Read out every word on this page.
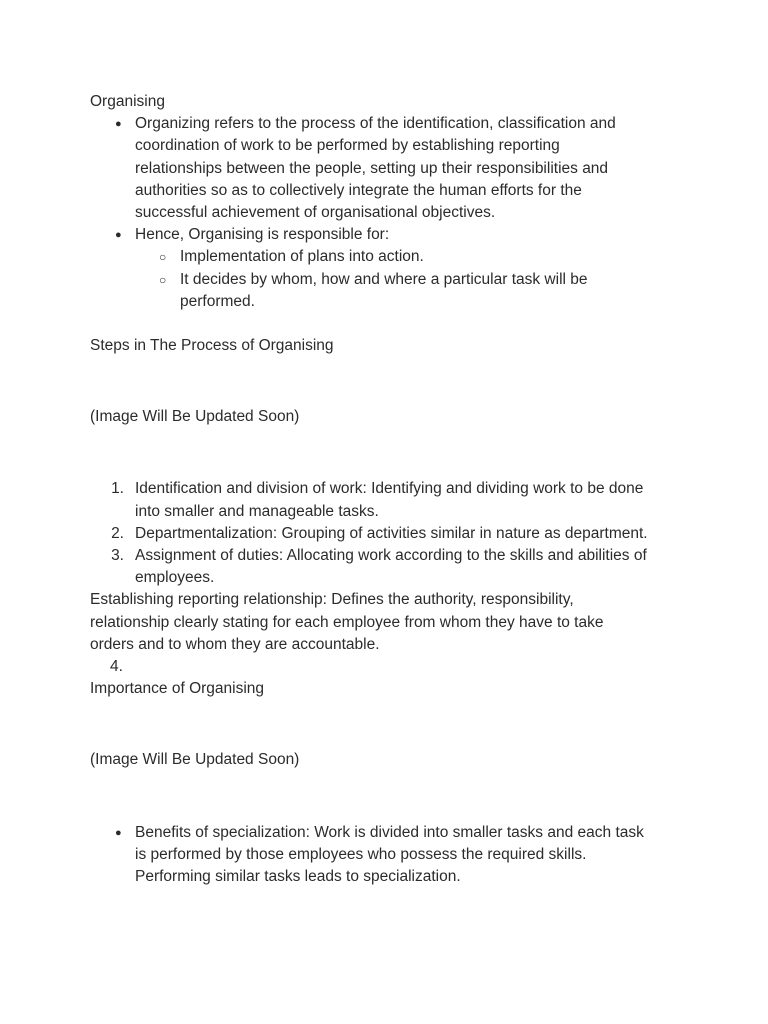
Organising
● Organizing refers to the process of the identification, classification and
coordination of work to be performed by establishing reporting
relationships between the people, setting up their responsibilities and
authorities so as to collectively integrate the human efforts for the
successful achievement of organisational objectives.
● Hence, Organising is responsible for:
○ Implementation of plans into action.
○ It decides by whom, how and where a particular task will be
performed.
Steps in The Process of Organising
(Image Will Be Updated Soon)
1. Identification and division of work: Identifying and dividing work to be done
into smaller and manageable tasks.
2. Departmentalization: Grouping of activities similar in nature as department.
3. Assignment of duties: Allocating work according to the skills and abilities of
employees.
Establishing reporting relationship: Defines the authority, responsibility,
relationship clearly stating for each employee from whom they have to take
orders and to whom they are accountable.
4.
Importance of Organising
(Image Will Be Updated Soon)
● Benefits of specialization: Work is divided into smaller tasks and each task
is performed by those employees who possess the required skills.
Performing similar tasks leads to specialization.
